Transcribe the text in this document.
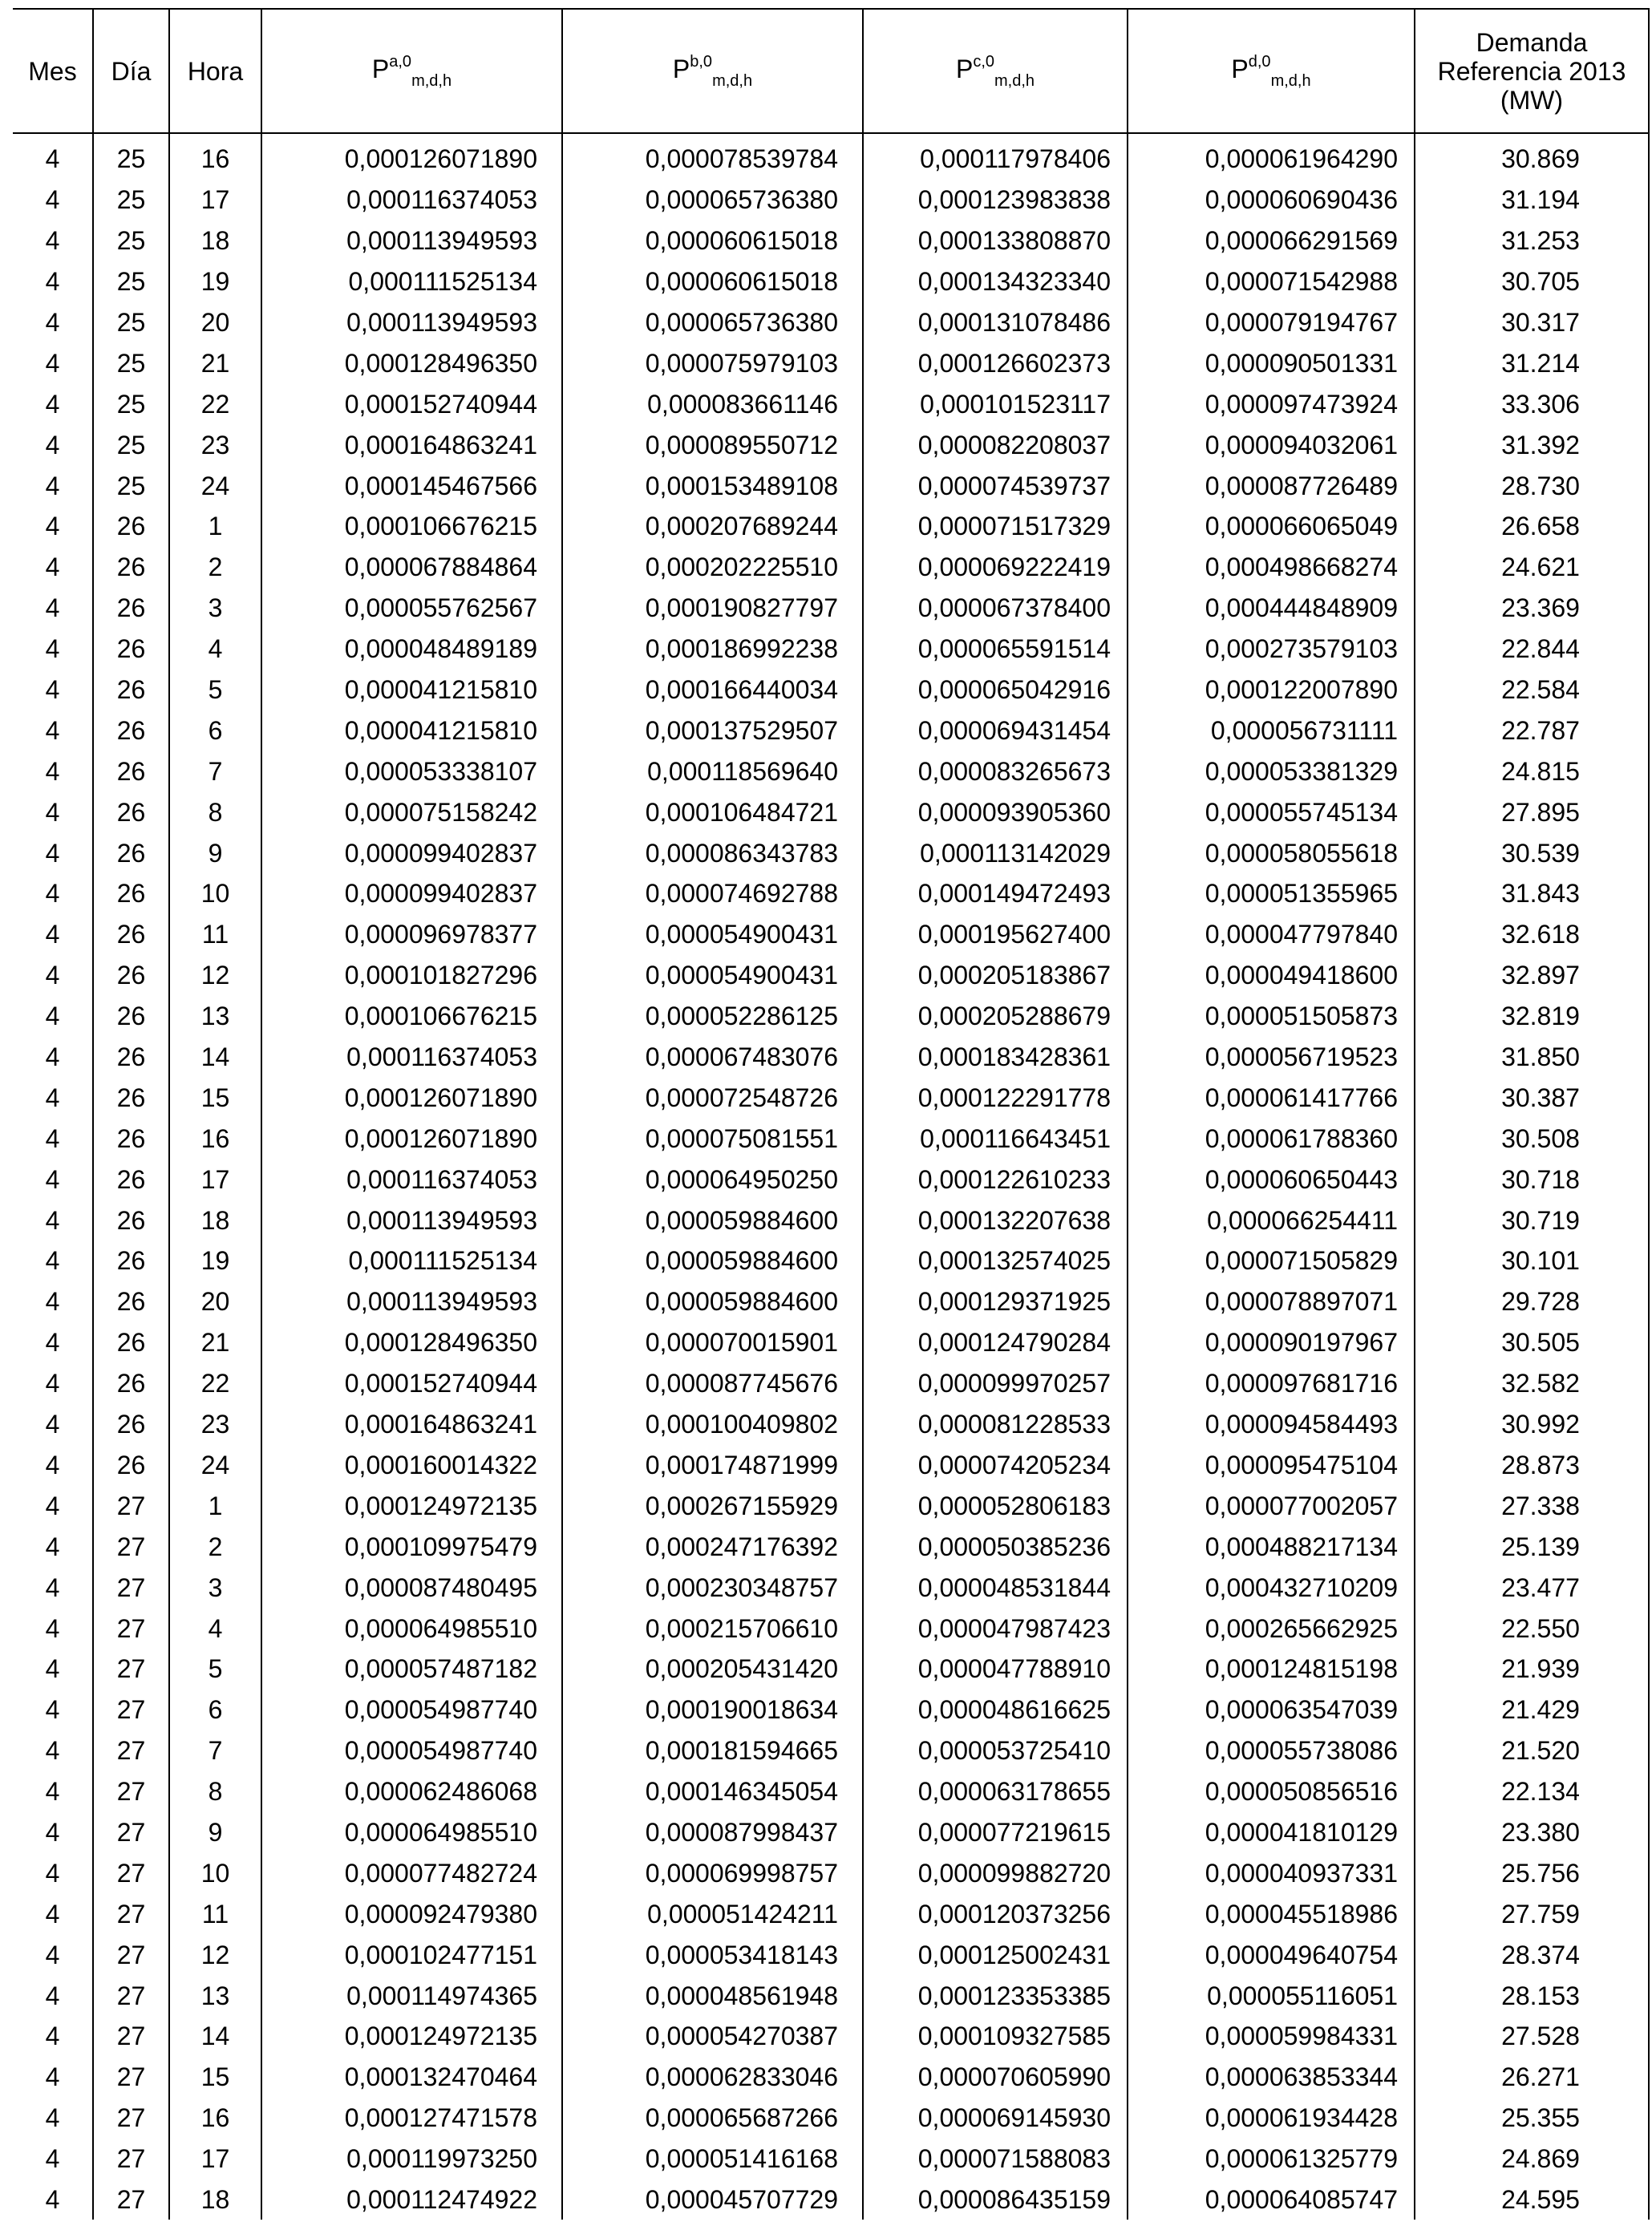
Mes	Día	Hora	P$^{a,0}_{m,d,h}$	P$^{b,0}_{m,d,h}$	P$^{c,0}_{m,d,h}$	P$^{d,0}_{m,d,h}$	Demanda
Referencia 2013
(MW)

4	25	16	0,000126071890	0,000078539784	0,000117978406	0,000061964290	30.869
4	25	17	0,000116374053	0,000065736380	0,000123983838	0,000060690436	31.194
4	25	18	0,000113949593	0,000060615018	0,000133808870	0,000066291569	31.253
4	25	19	0,000111525134	0,000060615018	0,000134323340	0,000071542988	30.705
4	25	20	0,000113949593	0,000065736380	0,000131078486	0,000079194767	30.317
4	25	21	0,000128496350	0,000075979103	0,000126602373	0,000090501331	31.214
4	25	22	0,000152740944	0,000083661146	0,000101523117	0,000097473924	33.306
4	25	23	0,000164863241	0,000089550712	0,000082208037	0,000094032061	31.392
4	25	24	0,000145467566	0,000153489108	0,000074539737	0,000087726489	28.730
4	26	1	0,000106676215	0,000207689244	0,000071517329	0,000066065049	26.658
4	26	2	0,000067884864	0,000202225510	0,000069222419	0,000498668274	24.621
4	26	3	0,000055762567	0,000190827797	0,000067378400	0,000444848909	23.369
4	26	4	0,000048489189	0,000186992238	0,000065591514	0,000273579103	22.844
4	26	5	0,000041215810	0,000166440034	0,000065042916	0,000122007890	22.584
4	26	6	0,000041215810	0,000137529507	0,000069431454	0,000056731111	22.787
4	26	7	0,000053338107	0,000118569640	0,000083265673	0,000053381329	24.815
4	26	8	0,000075158242	0,000106484721	0,000093905360	0,000055745134	27.895
4	26	9	0,000099402837	0,000086343783	0,000113142029	0,000058055618	30.539
4	26	10	0,000099402837	0,000074692788	0,000149472493	0,000051355965	31.843
4	26	11	0,000096978377	0,000054900431	0,000195627400	0,000047797840	32.618
4	26	12	0,000101827296	0,000054900431	0,000205183867	0,000049418600	32.897
4	26	13	0,000106676215	0,000052286125	0,000205288679	0,000051505873	32.819
4	26	14	0,000116374053	0,000067483076	0,000183428361	0,000056719523	31.850
4	26	15	0,000126071890	0,000072548726	0,000122291778	0,000061417766	30.387
4	26	16	0,000126071890	0,000075081551	0,000116643451	0,000061788360	30.508
4	26	17	0,000116374053	0,000064950250	0,000122610233	0,000060650443	30.718
4	26	18	0,000113949593	0,000059884600	0,000132207638	0,000066254411	30.719
4	26	19	0,000111525134	0,000059884600	0,000132574025	0,000071505829	30.101
4	26	20	0,000113949593	0,000059884600	0,000129371925	0,000078897071	29.728
4	26	21	0,000128496350	0,000070015901	0,000124790284	0,000090197967	30.505
4	26	22	0,000152740944	0,000087745676	0,000099970257	0,000097681716	32.582
4	26	23	0,000164863241	0,000100409802	0,000081228533	0,000094584493	30.992
4	26	24	0,000160014322	0,000174871999	0,000074205234	0,000095475104	28.873
4	27	1	0,000124972135	0,000267155929	0,000052806183	0,000077002057	27.338
4	27	2	0,000109975479	0,000247176392	0,000050385236	0,000488217134	25.139
4	27	3	0,000087480495	0,000230348757	0,000048531844	0,000432710209	23.477
4	27	4	0,000064985510	0,000215706610	0,000047987423	0,000265662925	22.550
4	27	5	0,000057487182	0,000205431420	0,000047788910	0,000124815198	21.939
4	27	6	0,000054987740	0,000190018634	0,000048616625	0,000063547039	21.429
4	27	7	0,000054987740	0,000181594665	0,000053725410	0,000055738086	21.520
4	27	8	0,000062486068	0,000146345054	0,000063178655	0,000050856516	22.134
4	27	9	0,000064985510	0,000087998437	0,000077219615	0,000041810129	23.380
4	27	10	0,000077482724	0,000069998757	0,000099882720	0,000040937331	25.756
4	27	11	0,000092479380	0,000051424211	0,000120373256	0,000045518986	27.759
4	27	12	0,000102477151	0,000053418143	0,000125002431	0,000049640754	28.374
4	27	13	0,000114974365	0,000048561948	0,000123353385	0,000055116051	28.153
4	27	14	0,000124972135	0,000054270387	0,000109327585	0,000059984331	27.528
4	27	15	0,000132470464	0,000062833046	0,000070605990	0,000063853344	26.271
4	27	16	0,000127471578	0,000065687266	0,000069145930	0,000061934428	25.355
4	27	17	0,000119973250	0,000051416168	0,000071588083	0,000061325779	24.869
4	27	18	0,000112474922	0,000045707729	0,000086435159	0,000064085747	24.595
